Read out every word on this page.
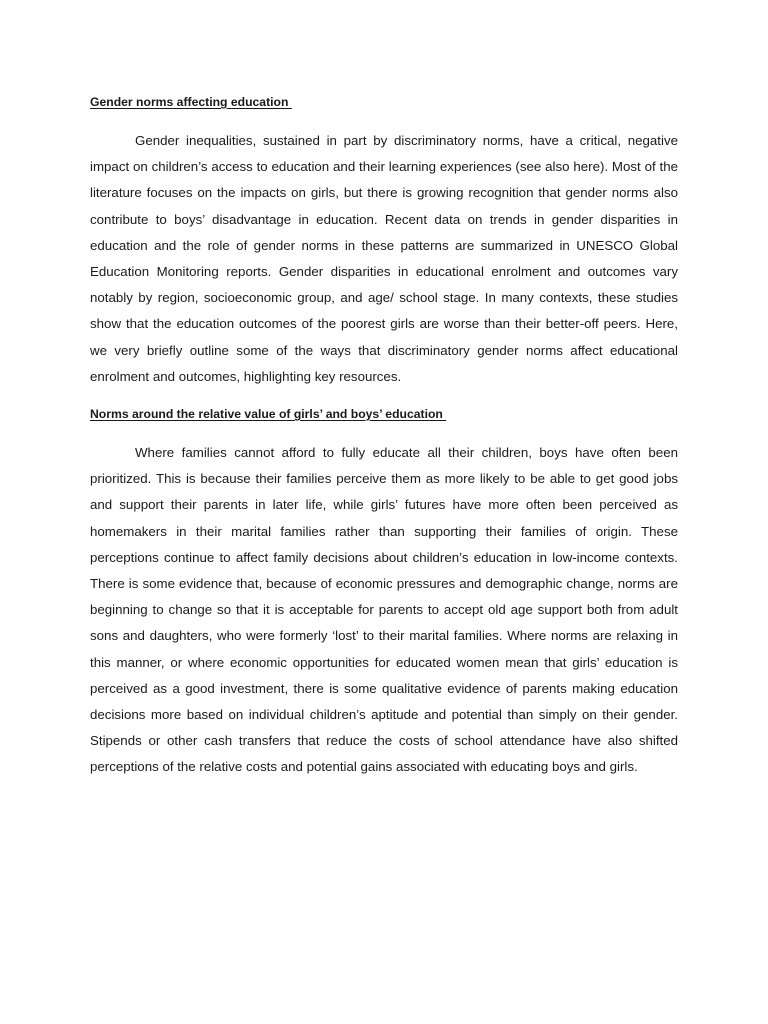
Gender norms affecting education

Gender inequalities, sustained in part by discriminatory norms, have a critical, negative impact on children’s access to education and their learning experiences (see also here). Most of the literature focuses on the impacts on girls, but there is growing recognition that gender norms also contribute to boys’ disadvantage in education. Recent data on trends in gender disparities in education and the role of gender norms in these patterns are summarized in UNESCO Global Education Monitoring reports. Gender disparities in educational enrolment and outcomes vary notably by region, socioeconomic group, and age/ school stage. In many contexts, these studies show that the education outcomes of the poorest girls are worse than their better-off peers. Here, we very briefly outline some of the ways that discriminatory gender norms affect educational enrolment and outcomes, highlighting key resources.

Norms around the relative value of girls’ and boys’ education

Where families cannot afford to fully educate all their children, boys have often been prioritized. This is because their families perceive them as more likely to be able to get good jobs and support their parents in later life, while girls’ futures have more often been perceived as homemakers in their marital families rather than supporting their families of origin. These perceptions continue to affect family decisions about children’s education in low-income contexts. There is some evidence that, because of economic pressures and demographic change, norms are beginning to change so that it is acceptable for parents to accept old age support both from adult sons and daughters, who were formerly ‘lost’ to their marital families. Where norms are relaxing in this manner, or where economic opportunities for educated women mean that girls’ education is perceived as a good investment, there is some qualitative evidence of parents making education decisions more based on individual children’s aptitude and potential than simply on their gender. Stipends or other cash transfers that reduce the costs of school attendance have also shifted perceptions of the relative costs and potential gains associated with educating boys and girls.
